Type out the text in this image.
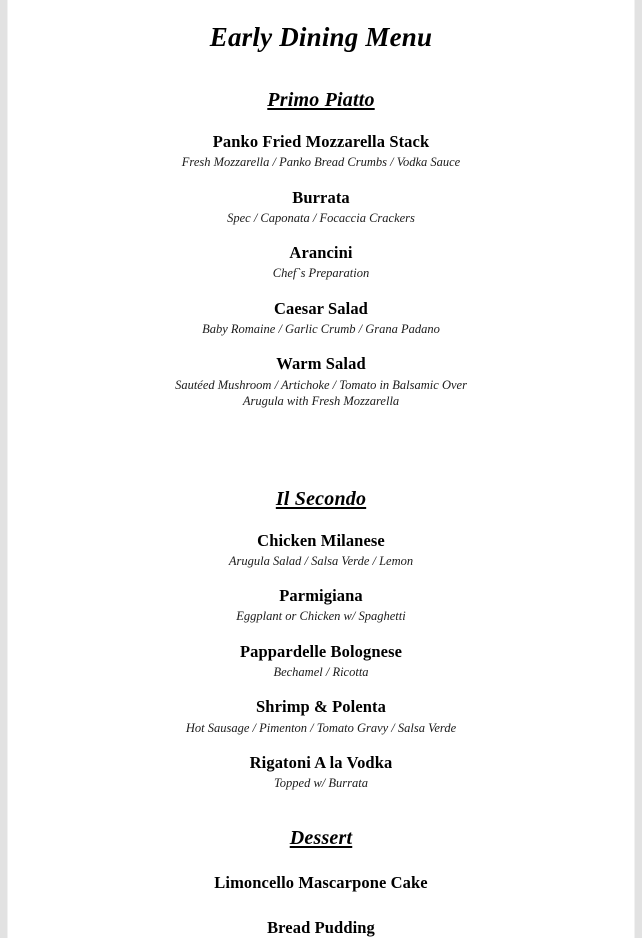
Early Dining Menu
Primo Piatto
Panko Fried Mozzarella Stack
Fresh Mozzarella / Panko Bread Crumbs / Vodka Sauce
Burrata
Spec / Caponata / Focaccia Crackers
Arancini
Chef`s Preparation
Caesar Salad
Baby Romaine / Garlic Crumb / Grana Padano
Warm Salad
Sautéed Mushroom / Artichoke / Tomato in Balsamic Over
Arugula with Fresh Mozzarella
Il Secondo
Chicken Milanese
Arugula Salad / Salsa Verde / Lemon
Parmigiana
Eggplant or Chicken w/ Spaghetti
Pappardelle Bolognese
Bechamel / Ricotta
Shrimp & Polenta
Hot Sausage / Pimenton / Tomato Gravy / Salsa Verde
Rigatoni A la Vodka
Topped w/ Burrata
Dessert
Limoncello Mascarpone Cake
Bread Pudding
